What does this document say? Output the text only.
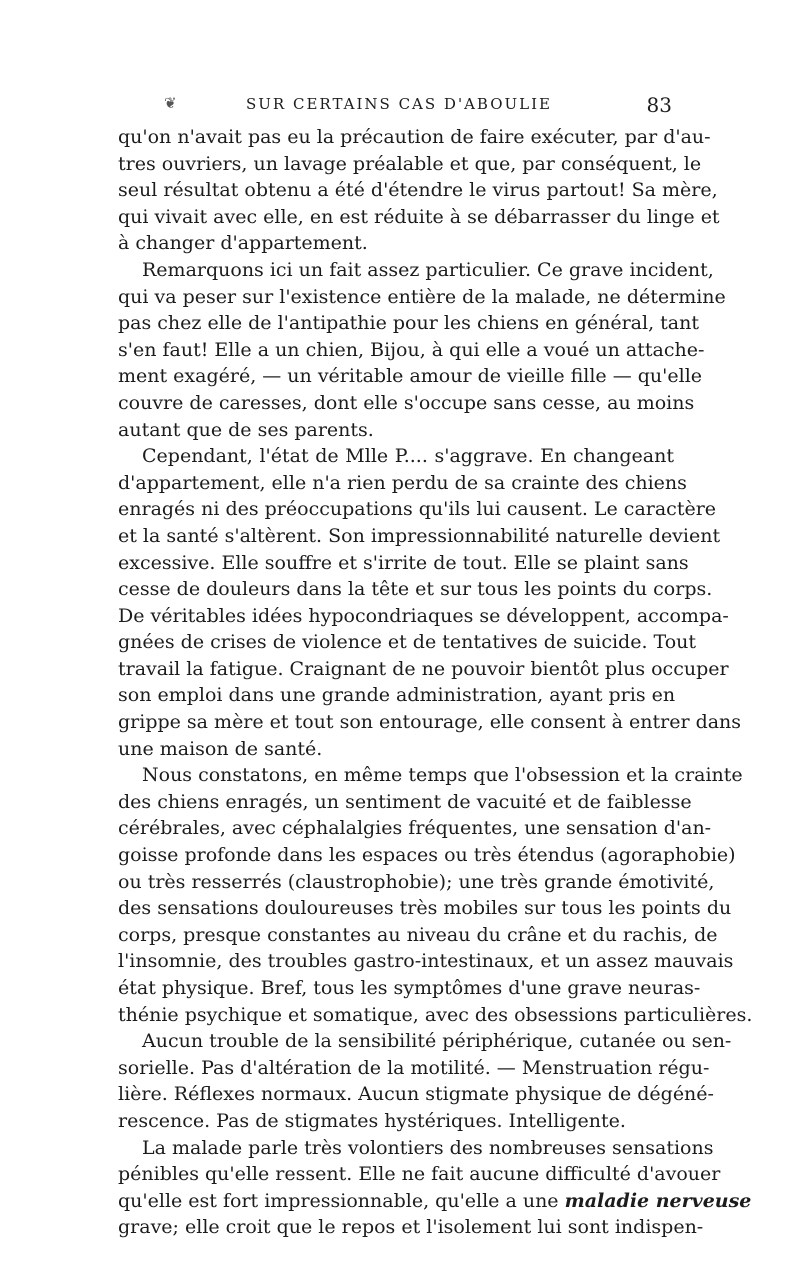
❦	SUR CERTAINS CAS D'ABOULIE	83
qu'on n'avait pas eu la précaution de faire exécuter, par d'au-
tres ouvriers, un lavage préalable et que, par conséquent, le
seul résultat obtenu a été d'étendre le virus partout! Sa mère,
qui vivait avec elle, en est réduite à se débarrasser du linge et
à changer d'appartement.
Remarquons ici un fait assez particulier. Ce grave incident,
qui va peser sur l'existence entière de la malade, ne détermine
pas chez elle de l'antipathie pour les chiens en général, tant
s'en faut! Elle a un chien, Bijou, à qui elle a voué un attache-
ment exagéré, — un véritable amour de vieille fille — qu'elle
couvre de caresses, dont elle s'occupe sans cesse, au moins
autant que de ses parents.
Cependant, l'état de Mlle P.... s'aggrave. En changeant
d'appartement, elle n'a rien perdu de sa crainte des chiens
enragés ni des préoccupations qu'ils lui causent. Le caractère
et la santé s'altèrent. Son impressionnabilité naturelle devient
excessive. Elle souffre et s'irrite de tout. Elle se plaint sans
cesse de douleurs dans la tête et sur tous les points du corps.
De véritables idées hypocondriaques se développent, accompa-
gnées de crises de violence et de tentatives de suicide. Tout
travail la fatigue. Craignant de ne pouvoir bientôt plus occuper
son emploi dans une grande administration, ayant pris en
grippe sa mère et tout son entourage, elle consent à entrer dans
une maison de santé.
Nous constatons, en même temps que l'obsession et la crainte
des chiens enragés, un sentiment de vacuité et de faiblesse
cérébrales, avec céphalalgies fréquentes, une sensation d'an-
goisse profonde dans les espaces ou très étendus (agoraphobie)
ou très resserrés (claustrophobie); une très grande émotivité,
des sensations douloureuses très mobiles sur tous les points du
corps, presque constantes au niveau du crâne et du rachis, de
l'insomnie, des troubles gastro-intestinaux, et un assez mauvais
état physique. Bref, tous les symptômes d'une grave neuras-
thénie psychique et somatique, avec des obsessions particulières.
Aucun trouble de la sensibilité périphérique, cutanée ou sen-
sorielle. Pas d'altération de la motilité. — Menstruation régu-
lière. Réflexes normaux. Aucun stigmate physique de dégéné-
rescence. Pas de stigmates hystériques. Intelligente.
La malade parle très volontiers des nombreuses sensations
pénibles qu'elle ressent. Elle ne fait aucune difficulté d'avouer
qu'elle est fort impressionnable, qu'elle a une maladie nerveuse
grave; elle croit que le repos et l'isolement lui sont indispen-
